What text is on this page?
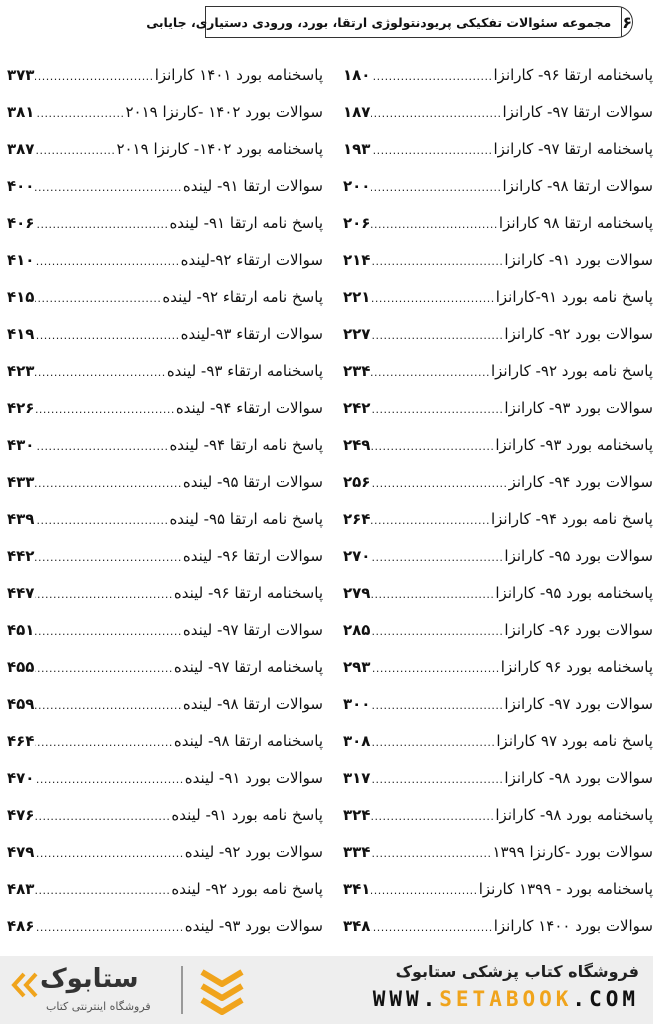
۶
مجموعه سئوالات تفکیکی پریودنتولوژی ارتقا، بورد، ورودی دستیاری، جایابی
پاسخنامه ارتقا ۹۶- کارانزا
.....
۱۸۰
سوالات ارتقا ۹۷- کارانزا
.....
۱۸۷
پاسخنامه ارتقا ۹۷- کارانزا
.....
۱۹۳
سوالات ارتقا ۹۸- کارانزا
.....
۲۰۰
پاسخنامه ارتقا ۹۸ کارانزا
.....
۲۰۶
سوالات بورد ۹۱- کارانزا
.....
۲۱۴
پاسخ نامه بورد ۹۱-کارانزا
.....
۲۲۱
سوالات بورد ۹۲- کارانزا
.....
۲۲۷
پاسخ نامه بورد ۹۲- کارانزا
.....
۲۳۴
سوالات بورد ۹۳- کارانزا
.....
۲۴۲
پاسخنامه بورد ۹۳- کارانزا
.....
۲۴۹
سوالات بورد ۹۴- کارانز
.....
۲۵۶
پاسخ نامه بورد ۹۴- کارانزا
.....
۲۶۴
سوالات بورد ۹۵- کارانزا
.....
۲۷۰
پاسخنامه بورد ۹۵- کارانزا
.....
۲۷۹
سوالات بورد ۹۶- کارانزا
.....
۲۸۵
پاسخنامه بورد ۹۶ کارانزا
.....
۲۹۳
سوالات بورد ۹۷- کارانزا
.....
۳۰۰
پاسخ نامه بورد ۹۷ کارانزا
.....
۳۰۸
سوالات بورد ۹۸- کارانزا
.....
۳۱۷
پاسخنامه بورد ۹۸- کارانزا
.....
۳۲۴
سوالات بورد -کارنزا ۱۳۹۹
.....
۳۳۴
پاسخنامه بورد - ۱۳۹۹ کارنزا
.....
۳۴۱
سوالات بورد ۱۴۰۰ کارانزا
.....
۳۴۸
پاسخنامه بورد ۱۴۰۱ کارانزا
.....
۳۷۳
سوالات بورد ۱۴۰۲ -کارنزا ۲۰۱۹
.....
۳۸۱
پاسخنامه بورد ۱۴۰۲- کارنزا ۲۰۱۹
.....
۳۸۷
سوالات ارتقا ۹۱- لینده
.....
۴۰۰
پاسخ نامه ارتقا ۹۱- لینده
.....
۴۰۶
سوالات ارتقاء ۹۲-لینده
.....
۴۱۰
پاسخ نامه ارتقاء ۹۲- لینده
.....
۴۱۵
سوالات ارتقاء ۹۳-لینده
.....
۴۱۹
پاسخنامه ارتقاء ۹۳- لینده
.....
۴۲۳
سوالات ارتقاء ۹۴- لینده
.....
۴۲۶
پاسخ نامه ارتقا ۹۴- لینده
.....
۴۳۰
سوالات ارتقا ۹۵- لینده
.....
۴۳۳
پاسخ نامه ارتقا ۹۵- لینده
.....
۴۳۹
سوالات ارتقا ۹۶- لینده
.....
۴۴۲
پاسخنامه ارتقا ۹۶- لینده
.....
۴۴۷
سوالات ارتقا ۹۷- لینده
.....
۴۵۱
پاسخنامه ارتقا ۹۷- لینده
.....
۴۵۵
سوالات ارتقا ۹۸- لینده
.....
۴۵۹
پاسخنامه ارتقا ۹۸- لینده
.....
۴۶۴
سوالات بورد ۹۱- لینده
.....
۴۷۰
پاسخ نامه بورد ۹۱- لینده
.....
۴۷۶
سوالات بورد ۹۲- لینده
.....
۴۷۹
پاسخ نامه بورد ۹۲- لینده
.....
۴۸۳
سوالات بورد ۹۳- لینده
.....
۴۸۶
فروشگاه کتاب پزشکی ستابوک
WWW.SETABOOK.COM
ستابوک
فروشگاه اینترنتی کتاب
